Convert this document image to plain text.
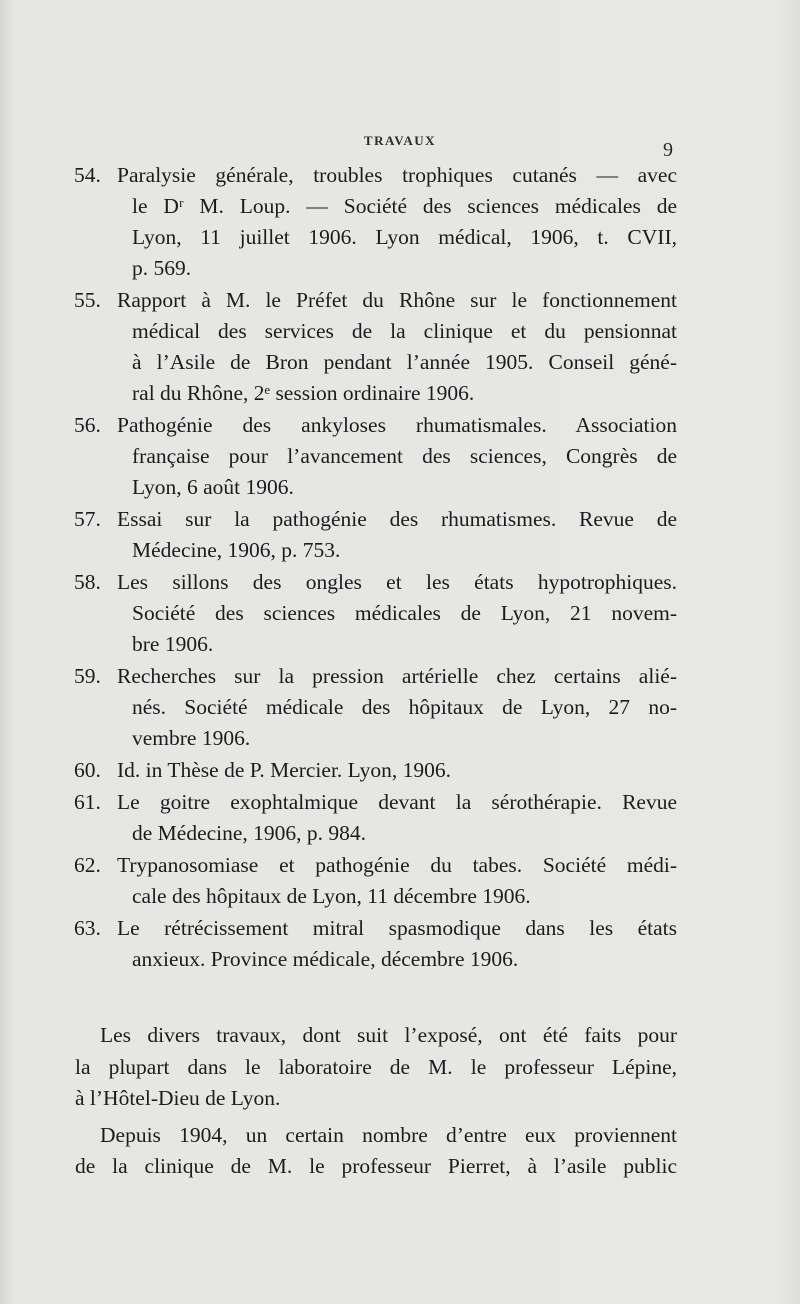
TRAVAUX	9
54. Paralysie générale, troubles trophiques cutanés — avec
le Dʳ M. Loup. — Société des sciences médicales de
Lyon, 11 juillet 1906. Lyon médical, 1906, t. CVII,
p. 569.
55. Rapport à M. le Préfet du Rhône sur le fonctionnement
médical des services de la clinique et du pensionnat
à l’Asile de Bron pendant l’année 1905. Conseil géné-
ral du Rhône, 2ᵉ session ordinaire 1906.
56. Pathogénie des ankyloses rhumatismales. Association
française pour l’avancement des sciences, Congrès de
Lyon, 6 août 1906.
57. Essai sur la pathogénie des rhumatismes. Revue de
Médecine, 1906, p. 753.
58. Les sillons des ongles et les états hypotrophiques.
Société des sciences médicales de Lyon, 21 novem-
bre 1906.
59. Recherches sur la pression artérielle chez certains alié-
nés. Société médicale des hôpitaux de Lyon, 27 no-
vembre 1906.
60. Id. in Thèse de P. Mercier. Lyon, 1906.
61. Le goitre exophtalmique devant la sérothérapie. Revue
de Médecine, 1906, p. 984.
62. Trypanosomiase et pathogénie du tabes. Société médi-
cale des hôpitaux de Lyon, 11 décembre 1906.
63. Le rétrécissement mitral spasmodique dans les états
anxieux. Province médicale, décembre 1906.
Les divers travaux, dont suit l’exposé, ont été faits pour
la plupart dans le laboratoire de M. le professeur Lépine,
à l’Hôtel-Dieu de Lyon.
Depuis 1904, un certain nombre d’entre eux proviennent
de la clinique de M. le professeur Pierret, à l’asile public
